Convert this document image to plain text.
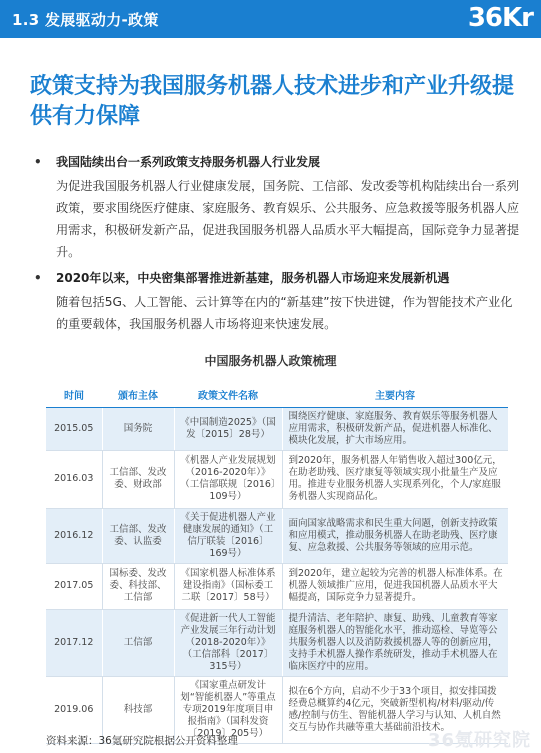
1.3 发展驱动力-政策	36Kr
政策支持为我国服务机器人技术进步和产业升级提供有力保障
• 我国陆续出台一系列政策支持服务机器人行业发展
为促进我国服务机器人行业健康发展，国务院、工信部、发改委等机构陆续出台一系列政策，要求围绕医疗健康、家庭服务、教育娱乐、公共服务、应急救援等服务机器人应用需求，积极研发新产品，促进我国服务机器人品质水平大幅提高，国际竞争力显著提升。
• 2020年以来，中央密集部署推进新基建，服务机器人市场迎来发展新机遇
随着包括5G、人工智能、云计算等在内的“新基建”按下快进键，作为智能技术产业化的重要载体，我国服务机器人市场将迎来快速发展。
中国服务机器人政策梳理
时间	颁布主体	政策文件名称	主要内容
2015.05	国务院	《中国制造2025》（国发〔2015〕28号）	围绕医疗健康、家庭服务、教育娱乐等服务机器人应用需求，积极研发新产品，促进机器人标准化、模块化发展，扩大市场应用。
2016.03	工信部、发改委、财政部	《机器人产业发展规划（2016-2020年）》（工信部联规〔2016〕109号）	到2020年，服务机器人年销售收入超过300亿元，在助老助残、医疗康复等领域实现小批量生产及应用。推进专业服务机器人实现系列化，个人/家庭服务机器人实现商品化。
2016.12	工信部、发改委、认监委	《关于促进机器人产业健康发展的通知》（工信厅联装〔2016〕169号）	面向国家战略需求和民生重大问题，创新支持政策和应用模式，推动服务机器人在助老助残、医疗康复、应急救援、公共服务等领域的应用示范。
2017.05	国标委、发改委、科技部、工信部	《国家机器人标准体系建设指南》（国标委工二联〔2017〕58号）	到2020年，建立起较为完善的机器人标准体系。在机器人领域推广应用，促进我国机器人品质水平大幅提高，国际竞争力显著提升。
2017.12	工信部	《促进新一代人工智能产业发展三年行动计划（2018-2020年）》（工信部科〔2017〕315号）	提升清洁、老年陪护、康复、助残、儿童教育等家庭服务机器人的智能化水平，推动巡检、导览等公共服务机器人以及消防救援机器人等的创新应用，支持手术机器人操作系统研发，推动手术机器人在临床医疗中的应用。
2019.06	科技部	《国家重点研发计划“智能机器人”等重点专项2019年度项目申报指南》（国科发资〔2019〕205号）	拟在6个方向，启动不少于33个项目，拟安排国拨经费总概算约4亿元，突破新型机构/材料/驱动/传感/控制与仿生、智能机器人学习与认知、人机自然交互与协作共融等重大基础前沿技术。
资料来源：36氪研究院根据公开资料整理	36氪研究院
